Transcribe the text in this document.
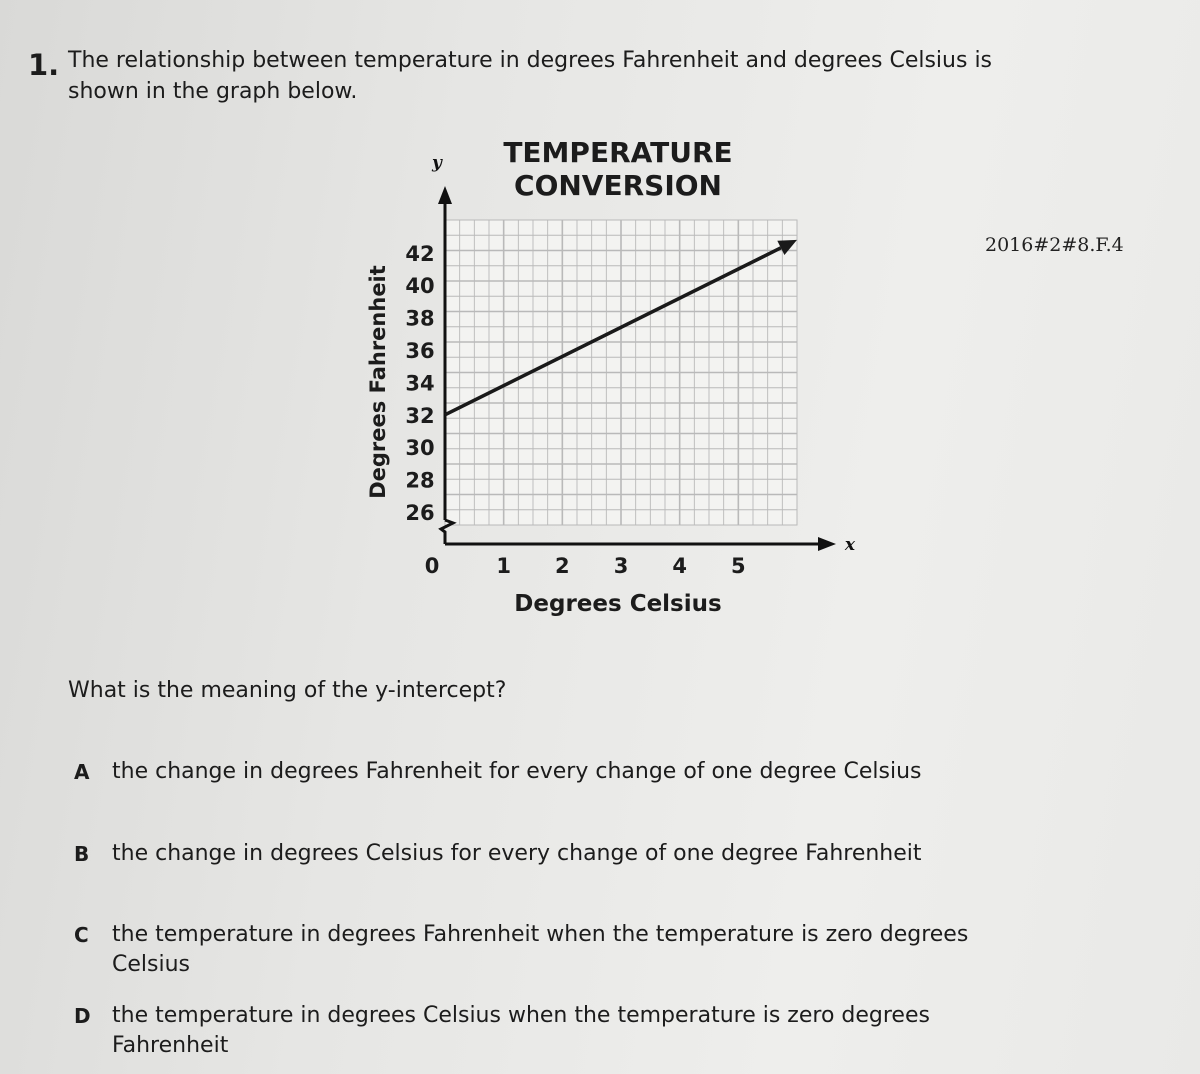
1. The relationship between temperature in degrees Fahrenheit and degrees Celsius is
shown in the graph below.
2016#2#8.F.4
TEMPERATURE
CONVERSION
x
y
26
28
30
32
34
36
38
40
42
0	1 2 3 4 5
Degrees Fahrenheit
Degrees Celsius
What is the meaning of the y-intercept?
A the change in degrees Fahrenheit for every change of one degree Celsius
B the change in degrees Celsius for every change of one degree Fahrenheit
C the temperature in degrees Fahrenheit when the temperature is zero degrees Celsius
D the temperature in degrees Celsius when the temperature is zero degrees Fahrenheit
